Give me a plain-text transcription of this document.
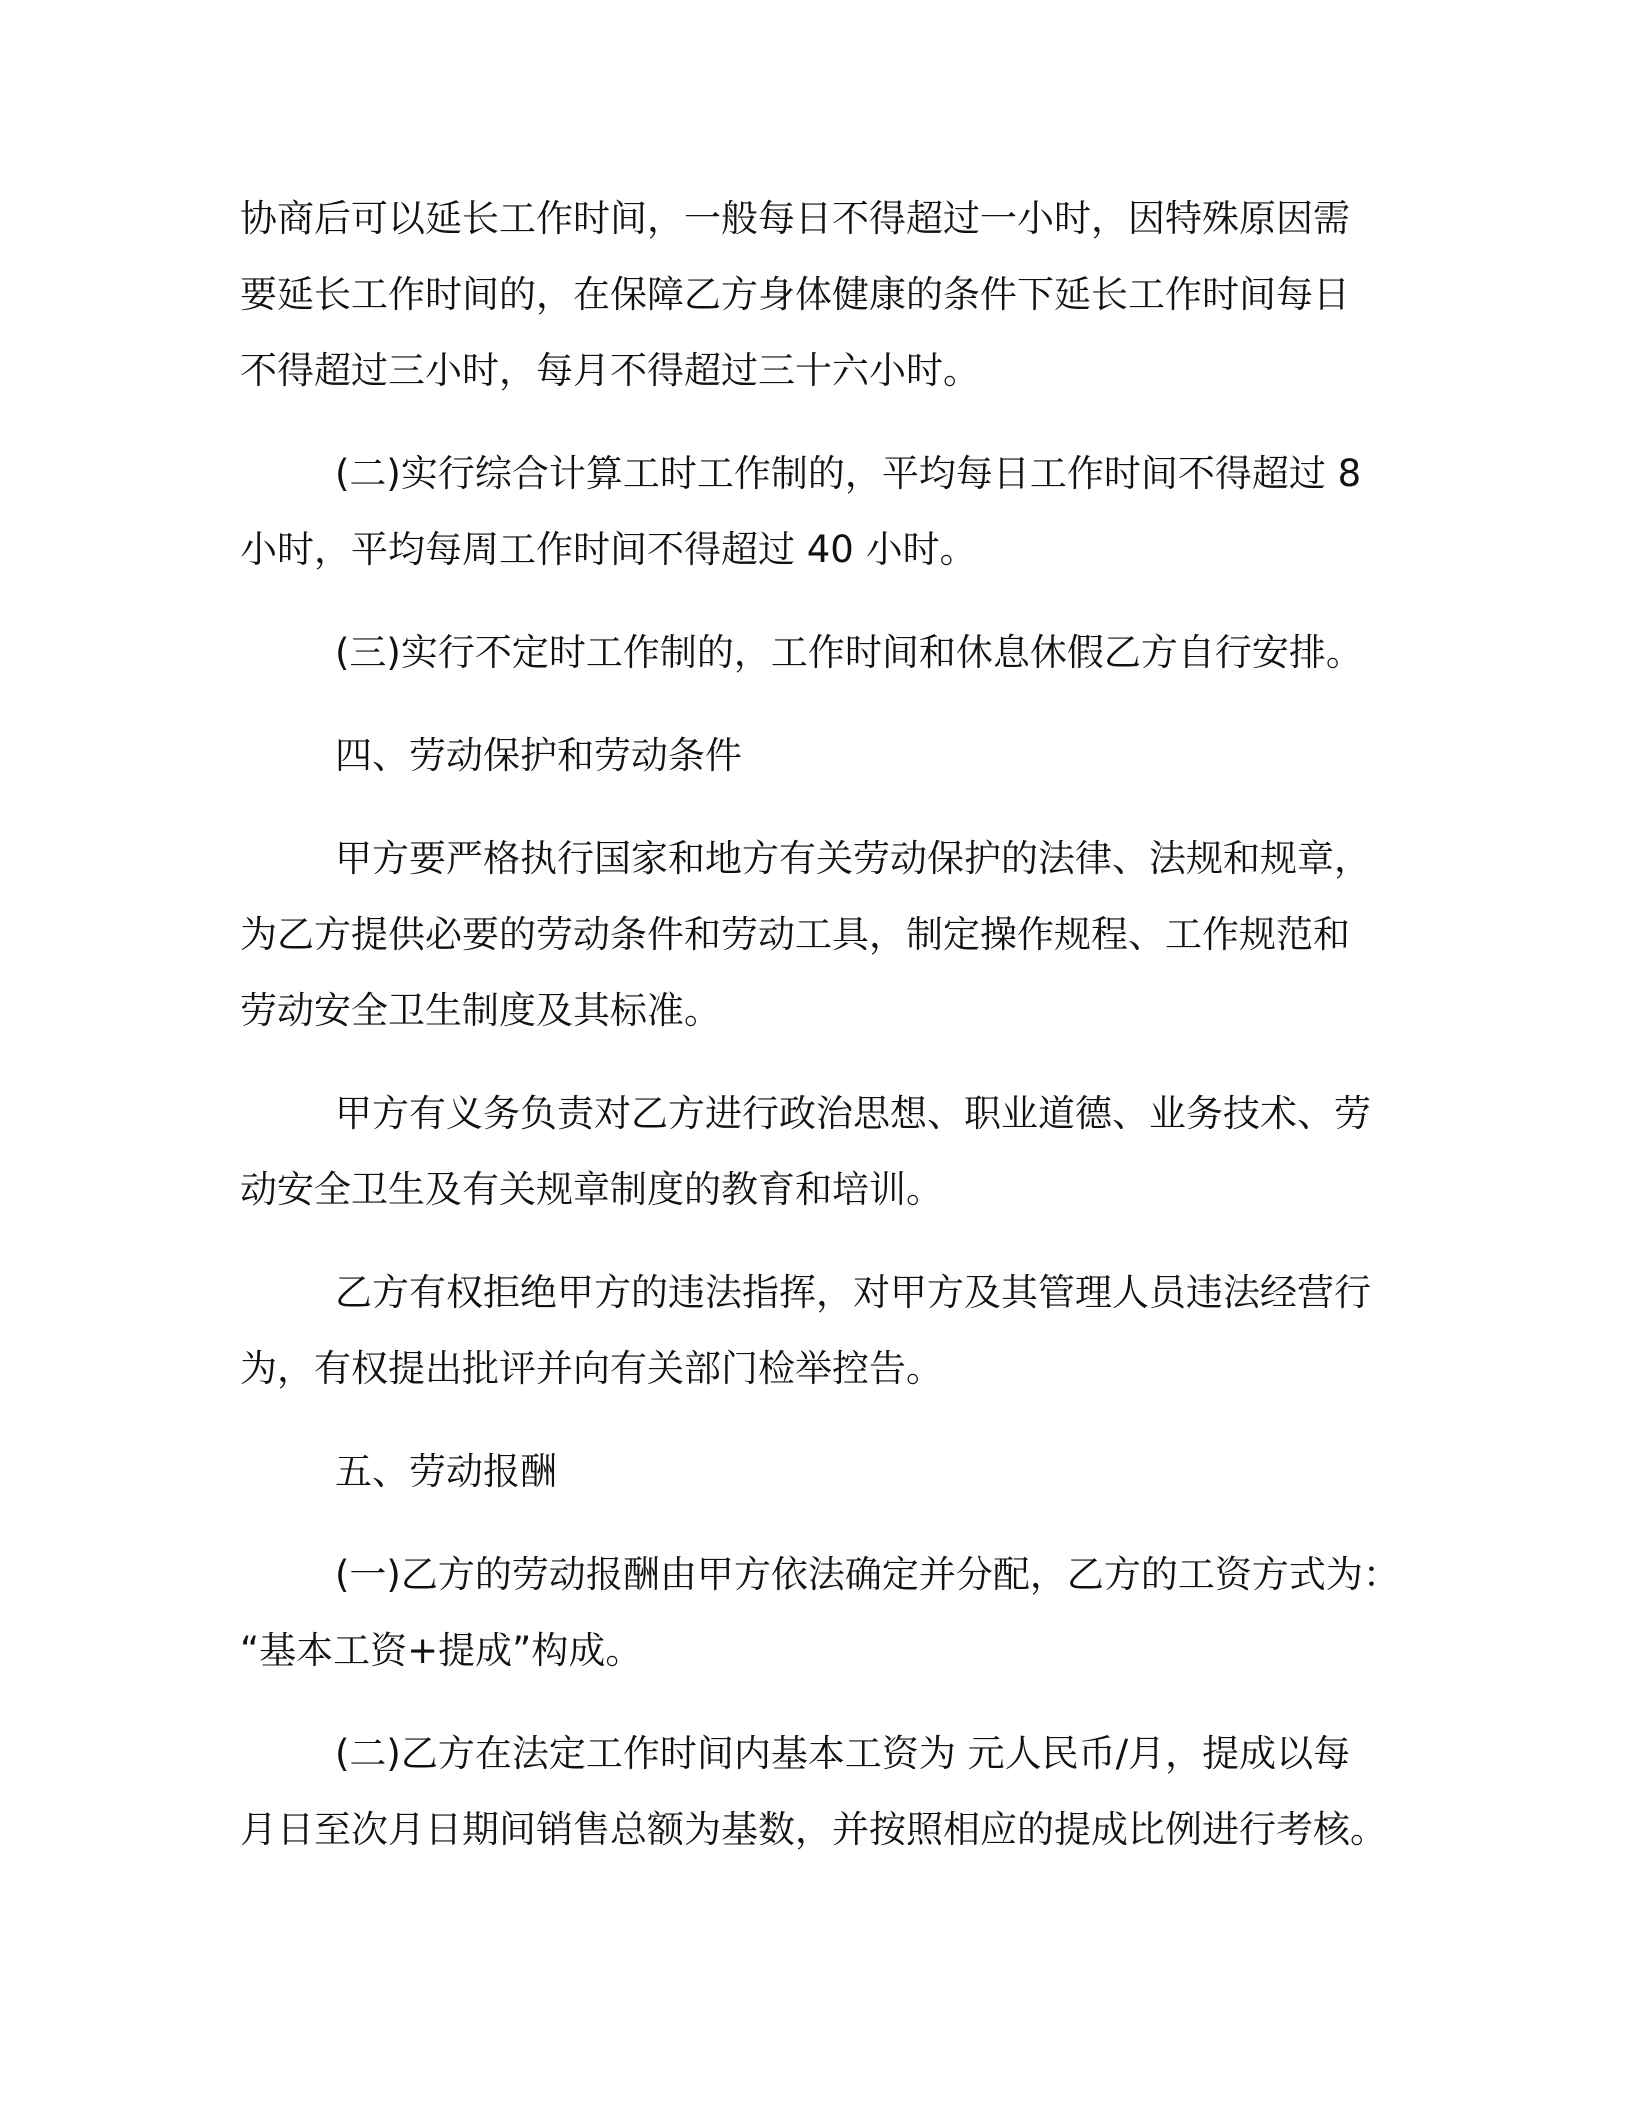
协商后可以延长工作时间，一般每日不得超过一小时，因特殊原因需
要延长工作时间的，在保障乙方身体健康的条件下延长工作时间每日
不得超过三小时，每月不得超过三十六小时。
(二)实行综合计算工时工作制的，平均每日工作时间不得超过 8
小时，平均每周工作时间不得超过 40 小时。
(三)实行不定时工作制的，工作时间和休息休假乙方自行安排。
四、劳动保护和劳动条件
甲方要严格执行国家和地方有关劳动保护的法律、法规和规章，
为乙方提供必要的劳动条件和劳动工具，制定操作规程、工作规范和
劳动安全卫生制度及其标准。
甲方有义务负责对乙方进行政治思想、职业道德、业务技术、劳
动安全卫生及有关规章制度的教育和培训。
乙方有权拒绝甲方的违法指挥，对甲方及其管理人员违法经营行
为，有权提出批评并向有关部门检举控告。
五、劳动报酬
(一)乙方的劳动报酬由甲方依法确定并分配，乙方的工资方式为：
“基本工资+提成”构成。
(二)乙方在法定工作时间内基本工资为 元人民币/月，提成以每
月日至次月日期间销售总额为基数，并按照相应的提成比例进行考核。
